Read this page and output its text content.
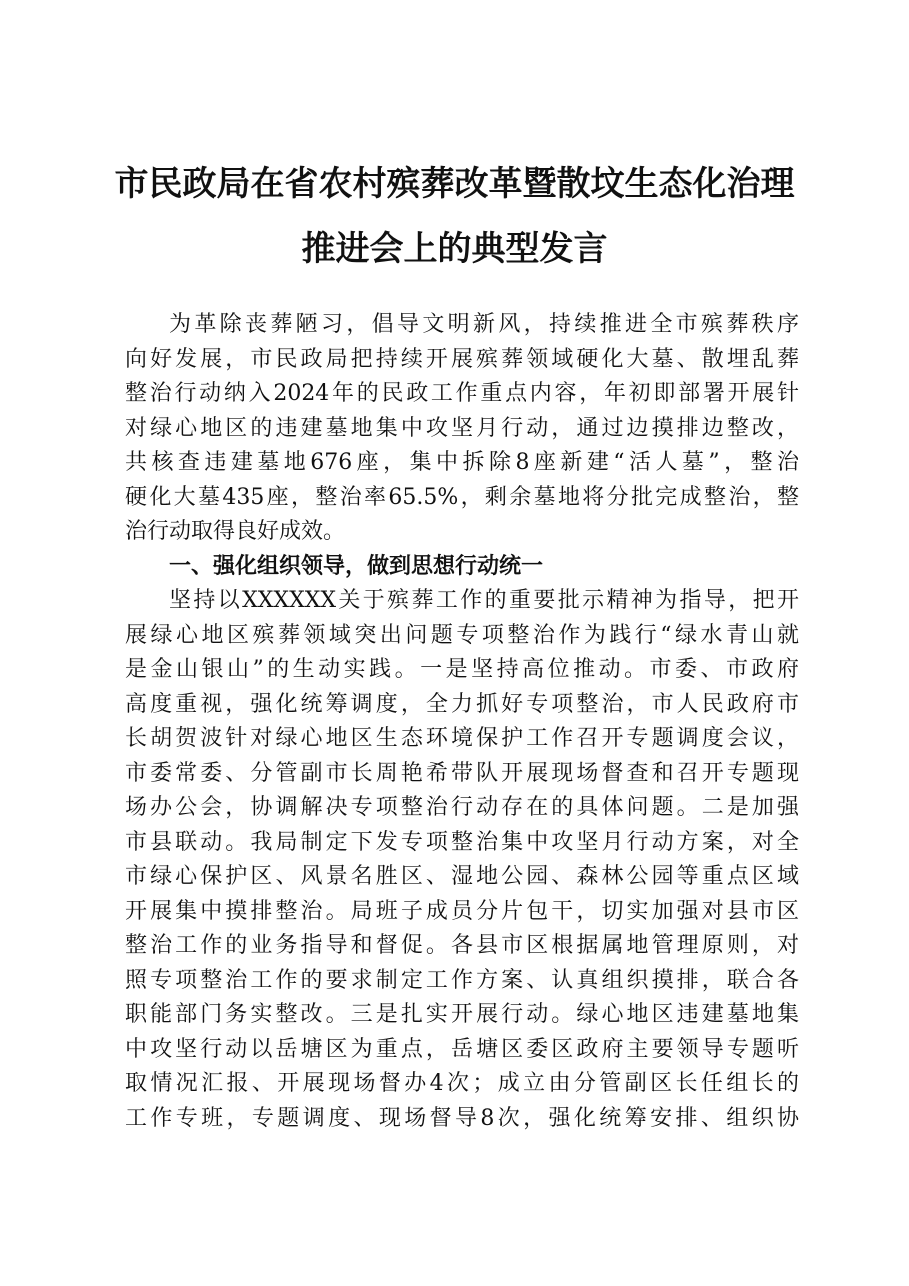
市民政局在省农村殡葬改革暨散坟生态化治理
推进会上的典型发言
为革除丧葬陋习，倡导文明新风，持续推进全市殡葬秩序
向好发展，市民政局把持续开展殡葬领域硬化大墓、散埋乱葬
整治行动纳入2024年的民政工作重点内容，年初即部署开展针
对绿心地区的违建墓地集中攻坚月行动，通过边摸排边整改，
共核查违建墓地676座，集中拆除8座新建“活人墓”，整治
硬化大墓435座，整治率65.5%，剩余墓地将分批完成整治，整
治行动取得良好成效。
一、强化组织领导，做到思想行动统一
坚持以XXXXXX关于殡葬工作的重要批示精神为指导，把开
展绿心地区殡葬领域突出问题专项整治作为践行“绿水青山就
是金山银山”的生动实践。一是坚持高位推动。市委、市政府
高度重视，强化统筹调度，全力抓好专项整治，市人民政府市
长胡贺波针对绿心地区生态环境保护工作召开专题调度会议，
市委常委、分管副市长周艳希带队开展现场督查和召开专题现
场办公会，协调解决专项整治行动存在的具体问题。二是加强
市县联动。我局制定下发专项整治集中攻坚月行动方案，对全
市绿心保护区、风景名胜区、湿地公园、森林公园等重点区域
开展集中摸排整治。局班子成员分片包干，切实加强对县市区
整治工作的业务指导和督促。各县市区根据属地管理原则，对
照专项整治工作的要求制定工作方案、认真组织摸排，联合各
职能部门务实整改。三是扎实开展行动。绿心地区违建墓地集
中攻坚行动以岳塘区为重点，岳塘区委区政府主要领导专题听
取情况汇报、开展现场督办4次；成立由分管副区长任组长的
工作专班，专题调度、现场督导8次，强化统筹安排、组织协
